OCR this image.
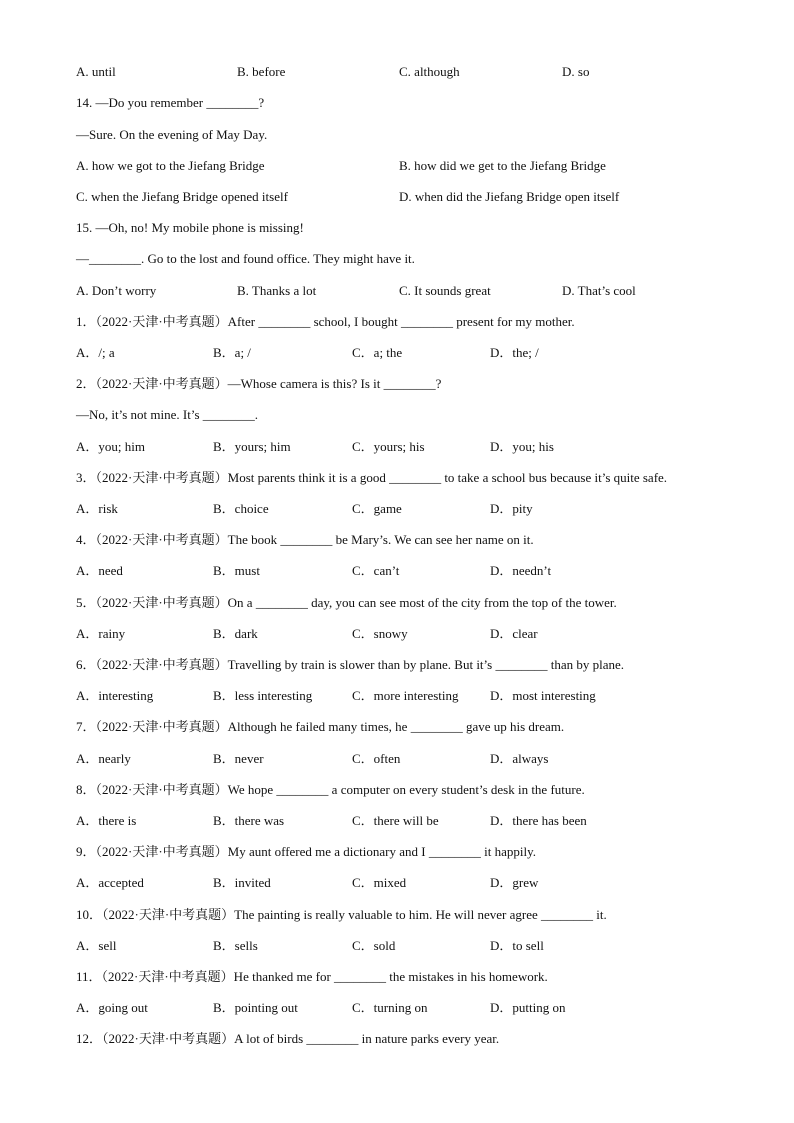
A. until	B. before	C. although	D. so
14. —Do you remember ________?
—Sure. On the evening of May Day.
A. how we got to the Jiefang Bridge	B. how did we get to the Jiefang Bridge
C. when the Jiefang Bridge opened itself	D. when did the Jiefang Bridge open itself
15. —Oh, no! My mobile phone is missing!
—________. Go to the lost and found office. They might have it.
A. Don’t worry	B. Thanks a lot	C. It sounds great	D. That’s cool
1．（2022·天津·中考真题）After ________ school, I bought ________ present for my mother.
A．/; a	B．a; /	C．a; the	D．the; /
2．（2022·天津·中考真题）—Whose camera is this? Is it ________?
—No, it’s not mine. It’s ________.
A．you; him	B．yours; him	C．yours; his	D．you; his
3．（2022·天津·中考真题）Most parents think it is a good ________ to take a school bus because it’s quite safe.
A．risk	B．choice	C．game	D．pity
4．（2022·天津·中考真题）The book ________ be Mary’s. We can see her name on it.
A．need	B．must	C．can’t	D．needn’t
5．（2022·天津·中考真题）On a ________ day, you can see most of the city from the top of the tower.
A．rainy	B．dark	C．snowy	D．clear
6．（2022·天津·中考真题）Travelling by train is slower than by plane. But it’s ________ than by plane.
A．interesting	B．less interesting	C．more interesting D．most interesting
7．（2022·天津·中考真题）Although he failed many times, he ________ gave up his dream.
A．nearly	B．never	C．often	D．always
8．（2022·天津·中考真题）We hope ________ a computer on every student’s desk in the future.
A．there is	B．there was	C．there will be	D．there has been
9．（2022·天津·中考真题）My aunt offered me a dictionary and I ________ it happily.
A．accepted	B．invited	C．mixed	D．grew
10．（2022·天津·中考真题）The painting is really valuable to him. He will never agree ________ it.
A．sell	B．sells	C．sold	D．to sell
11．（2022·天津·中考真题）He thanked me for ________ the mistakes in his homework.
A．going out	B．pointing out	C．turning on	D．putting on
12．（2022·天津·中考真题）A lot of birds ________ in nature parks every year.
